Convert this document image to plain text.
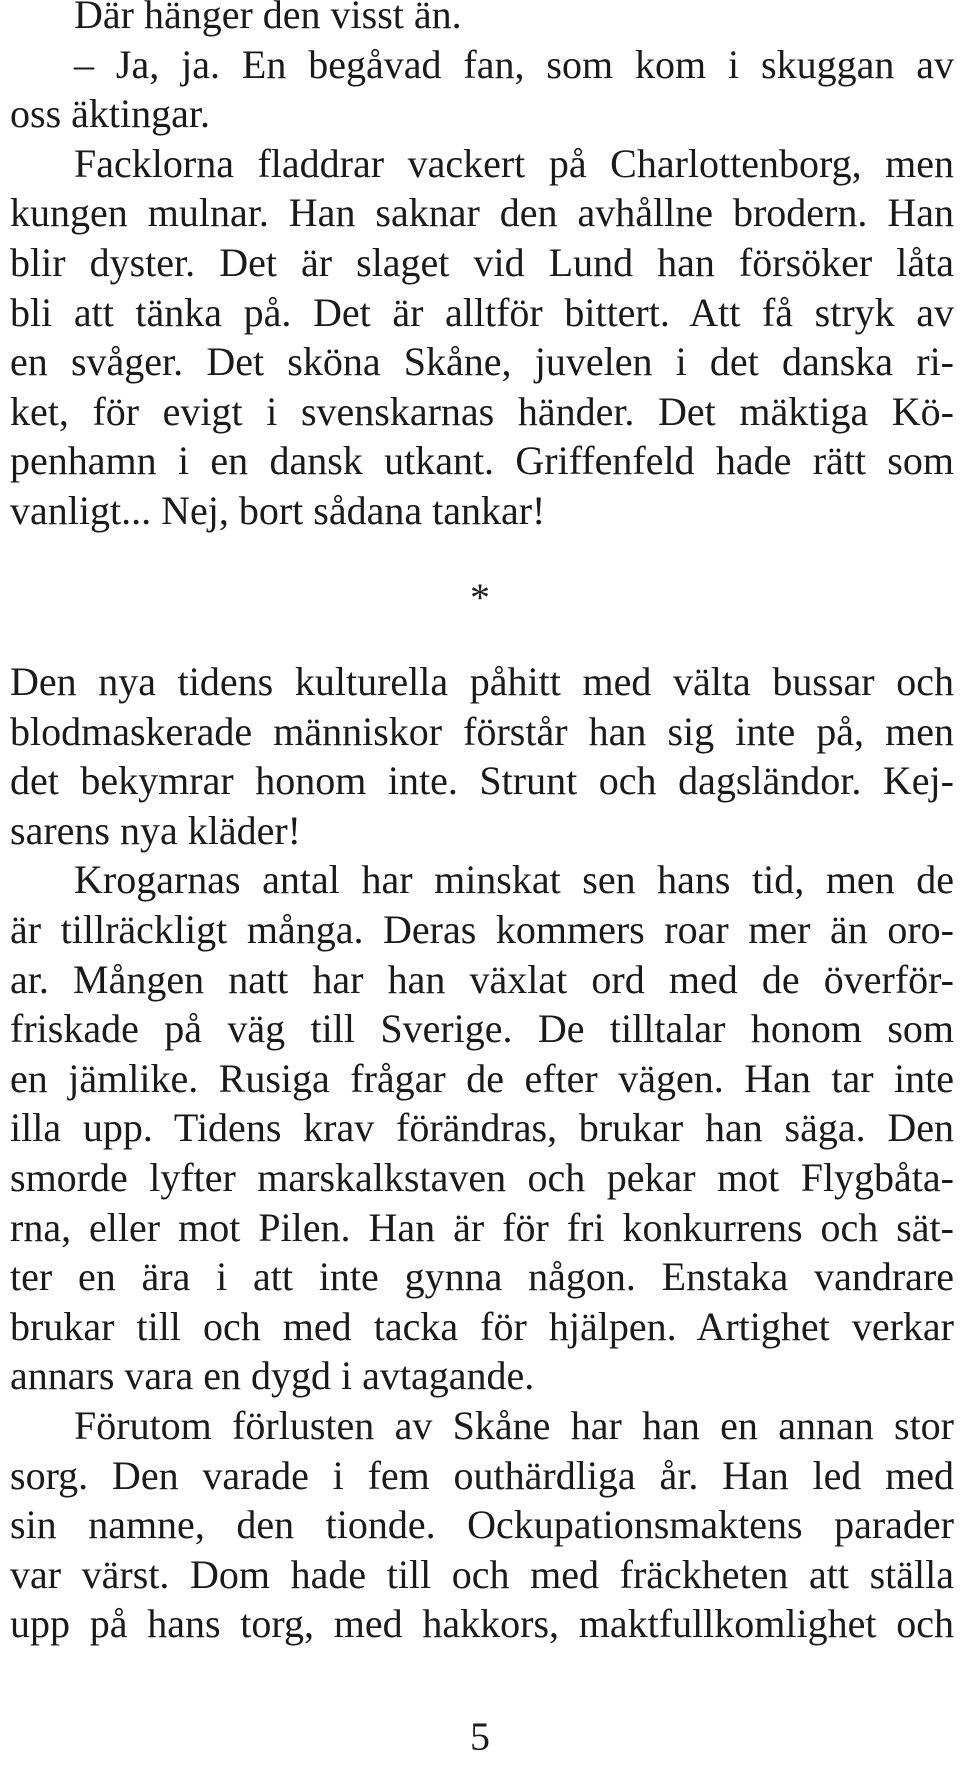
Där hänger den visst än.
– Ja, ja. En begåvad fan, som kom i skuggan av
oss äktingar.
Facklorna fladdrar vackert på Charlottenborg, men
kungen mulnar. Han saknar den avhållne brodern. Han
blir dyster. Det är slaget vid Lund han försöker låta
bli att tänka på. Det är alltför bittert. Att få stryk av
en svåger. Det sköna Skåne, juvelen i det danska ri-
ket, för evigt i svenskarnas händer. Det mäktiga Kö-
penhamn i en dansk utkant. Griffenfeld hade rätt som
vanligt... Nej, bort sådana tankar!
*
Den nya tidens kulturella påhitt med välta bussar och
blodmaskerade människor förstår han sig inte på, men
det bekymrar honom inte. Strunt och dagsländor. Kej-
sarens nya kläder!
Krogarnas antal har minskat sen hans tid, men de
är tillräckligt många. Deras kommers roar mer än oro-
ar. Mången natt har han växlat ord med de överför-
friskade på väg till Sverige. De tilltalar honom som
en jämlike. Rusiga frågar de efter vägen. Han tar inte
illa upp. Tidens krav förändras, brukar han säga. Den
smorde lyfter marskalkstaven och pekar mot Flygbåta-
rna, eller mot Pilen. Han är för fri konkurrens och sät-
ter en ära i att inte gynna någon. Enstaka vandrare
brukar till och med tacka för hjälpen. Artighet verkar
annars vara en dygd i avtagande.
Förutom förlusten av Skåne har han en annan stor
sorg. Den varade i fem outhärdliga år. Han led med
sin namne, den tionde. Ockupationsmaktens parader
var värst. Dom hade till och med fräckheten att ställa
upp på hans torg, med hakkors, maktfullkomlighet och
5
